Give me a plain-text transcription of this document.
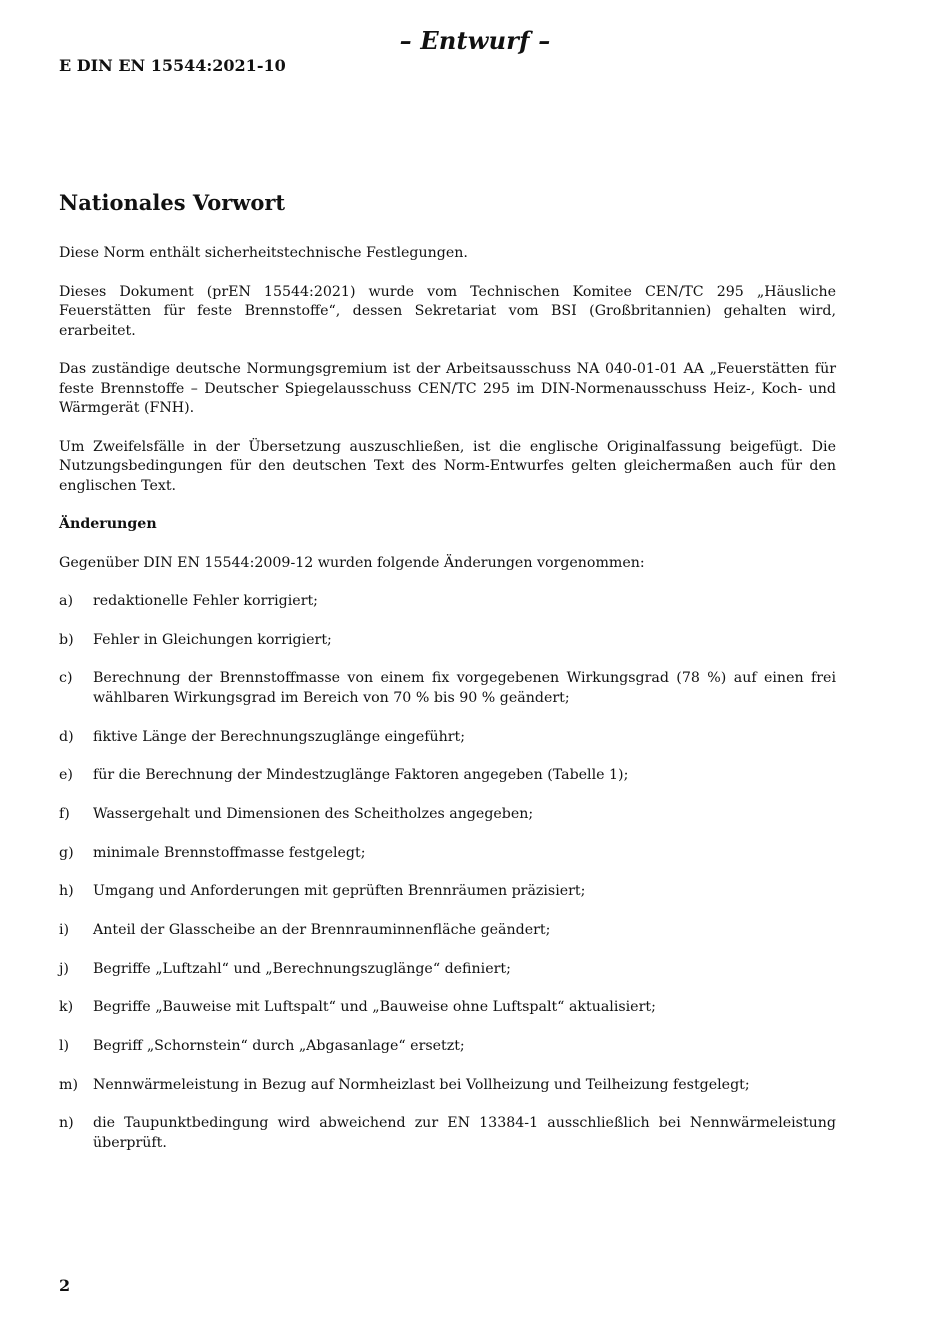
– Entwurf –
E DIN EN 15544:2021-10
Nationales Vorwort

Diese Norm enthält sicherheitstechnische Festlegungen.

Dieses Dokument (prEN 15544:2021) wurde vom Technischen Komitee CEN/TC 295 „Häusliche Feuerstätten für feste Brennstoffe“, dessen Sekretariat vom BSI (Großbritannien) gehalten wird, erarbeitet.

Das zuständige deutsche Normungsgremium ist der Arbeitsausschuss NA 040-01-01 AA „Feuerstätten für feste Brennstoffe – Deutscher Spiegelausschuss CEN/TC 295 im DIN-Normenausschuss Heiz-, Koch- und Wärmgerät (FNH).

Um Zweifelsfälle in der Übersetzung auszuschließen, ist die englische Originalfassung beigefügt. Die Nutzungsbedingungen für den deutschen Text des Norm-Entwurfes gelten gleichermaßen auch für den englischen Text.

Änderungen

Gegenüber DIN EN 15544:2009-12 wurden folgende Änderungen vorgenommen:

a)	redaktionelle Fehler korrigiert;
b)	Fehler in Gleichungen korrigiert;
c)	Berechnung der Brennstoffmasse von einem fix vorgegebenen Wirkungsgrad (78 %) auf einen frei wählbaren Wirkungsgrad im Bereich von 70 % bis 90 % geändert;
d)	fiktive Länge der Berechnungszuglänge eingeführt;
e)	für die Berechnung der Mindestzuglänge Faktoren angegeben (Tabelle 1);
f)	Wassergehalt und Dimensionen des Scheitholzes angegeben;
g)	minimale Brennstoffmasse festgelegt;
h)	Umgang und Anforderungen mit geprüften Brennräumen präzisiert;
i)	Anteil der Glasscheibe an der Brennrauminnenfläche geändert;
j)	Begriffe „Luftzahl“ und „Berechnungszuglänge“ definiert;
k)	Begriffe „Bauweise mit Luftspalt“ und „Bauweise ohne Luftspalt“ aktualisiert;
l)	Begriff „Schornstein“ durch „Abgasanlage“ ersetzt;
m)	Nennwärmeleistung in Bezug auf Normheizlast bei Vollheizung und Teilheizung festgelegt;
n)	die Taupunktbedingung wird abweichend zur EN 13384-1 ausschließlich bei Nennwärmeleistung überprüft.
2
